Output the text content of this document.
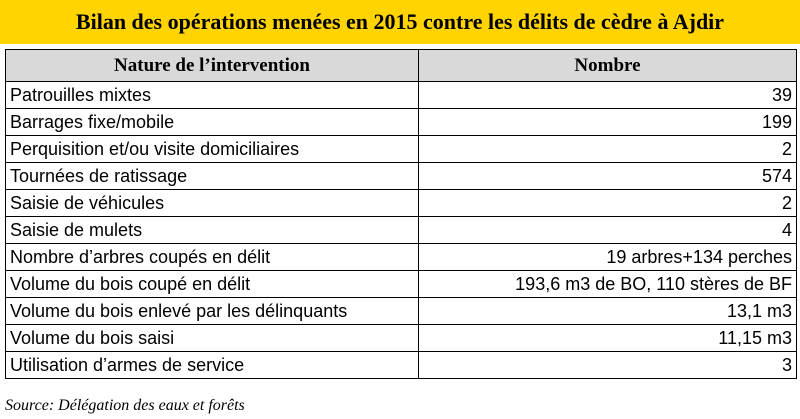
Bilan des opérations menées en 2015 contre les délits de cèdre à Ajdir
Nature de l’intervention	Nombre
Patrouilles mixtes	39
Barrages fixe/mobile	199
Perquisition et/ou visite domiciliaires	2
Tournées de ratissage	574
Saisie de véhicules	2
Saisie de mulets	4
Nombre d’arbres coupés en délit	19 arbres+134 perches
Volume du bois coupé en délit	193,6 m3 de BO, 110 stères de BF
Volume du bois enlevé par les délinquants	13,1 m3
Volume du bois saisi	11,15 m3
Utilisation d’armes de service	3
Source: Délégation des eaux et forêts
